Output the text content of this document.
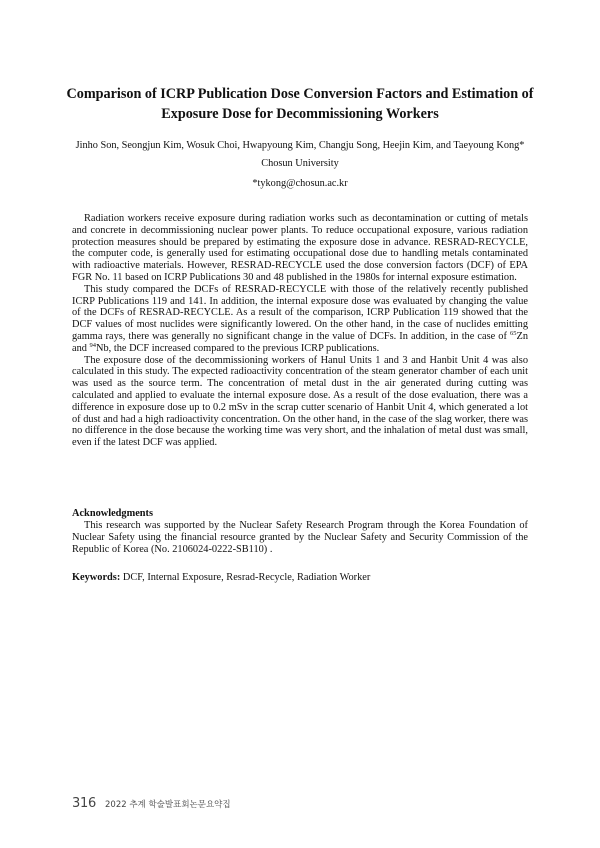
Comparison of ICRP Publication Dose Conversion Factors and Estimation of
Exposure Dose for Decommissioning Workers
Jinho Son, Seongjun Kim, Wosuk Choi, Hwapyoung Kim, Changju Song, Heejin Kim, and Taeyoung Kong*
Chosun University
*tykong@chosun.ac.kr

Radiation workers receive exposure during radiation works such as decontamination or cutting of metals and concrete in decommissioning nuclear power plants. To reduce occupational exposure, various radiation protection measures should be prepared by estimating the exposure dose in advance. RESRAD-RECYCLE, the computer code, is generally used for estimating occupational dose due to handling metals contaminated with radioactive materials. However, RESRAD-RECYCLE used the dose conversion factors (DCF) of EPA FGR No. 11 based on ICRP Publications 30 and 48 published in the 1980s for internal exposure estimation.

This study compared the DCFs of RESRAD-RECYCLE with those of the relatively recently published ICRP Publications 119 and 141. In addition, the internal exposure dose was evaluated by changing the value of the DCFs of RESRAD-RECYCLE. As a result of the comparison, ICRP Publication 119 showed that the DCF values of most nuclides were significantly lowered. On the other hand, in the case of nuclides emitting gamma rays, there was generally no significant change in the value of DCFs. In addition, in the case of $^{65}$Zn and $^{94}$Nb, the DCF increased compared to the previous ICRP publications.

The exposure dose of the decommissioning workers of Hanul Units 1 and 3 and Hanbit Unit 4 was also calculated in this study. The expected radioactivity concentration of the steam generator chamber of each unit was used as the source term. The concentration of metal dust in the air generated during cutting was calculated and applied to evaluate the internal exposure dose. As a result of the dose evaluation, there was a difference in exposure dose up to 0.2 mSv in the scrap cutter scenario of Hanbit Unit 4, which generated a lot of dust and had a high radioactivity concentration. On the other hand, in the case of the slag worker, there was no difference in the dose because the working time was very short, and the inhalation of metal dust was small, even if the latest DCF was applied.

Acknowledgments

This research was supported by the Nuclear Safety Research Program through the Korea Foundation of Nuclear Safety using the financial resource granted by the Nuclear Safety and Security Commission of the Republic of Korea (No. 2106024-0222-SB110) .

Keywords: DCF, Internal Exposure, Resrad-Recycle, Radiation Worker
316 2022 추계 학술발표회논문요약집
